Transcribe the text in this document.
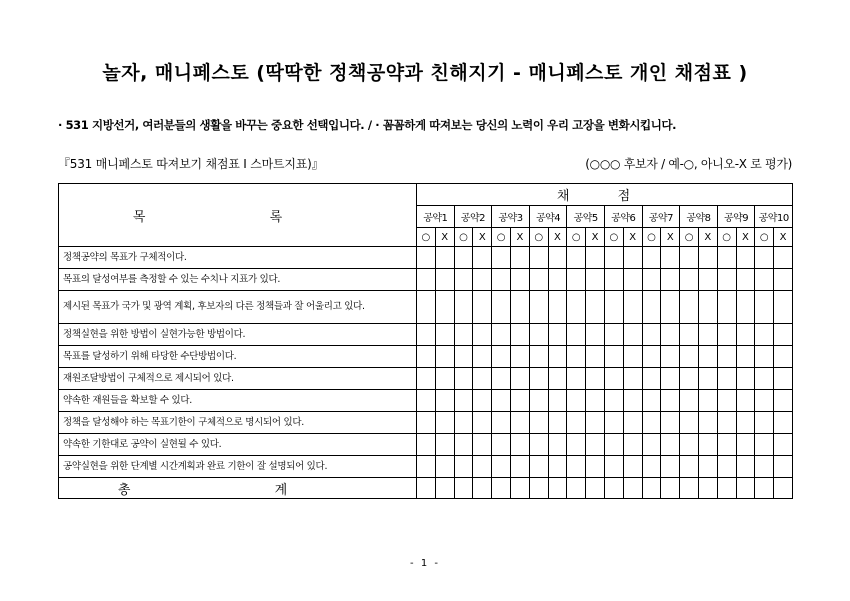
놀자, 매니페스토 (딱딱한 정책공약과 친해지기 - 매니페스토 개인 채점표 )
· 531 지방선거, 여러분들의 생활을 바꾸는 중요한 선택입니다. / · 꼼꼼하게 따져보는 당신의 노력이 우리 고장을 변화시킵니다.
『531 매니페스토 따져보기 채점표 Ⅰ 스마트지표)』	(○○○ 후보자 / 예-○, 아니오-X 로 평가)
목 록	채 점																			
	공약1		공약2		공약3		공약4		공약5		공약6		공약7		공약8		공약9		공약10	
	○	X	○	X	○	X	○	X	○	X	○	X	○	X	○	X	○	X	○	X
정책공약의 목표가 구체적이다.																				
목표의 달성여부를 측정할 수 있는 수치나 지표가 있다.																				
제시된 목표가 국가 및 광역 계획, 후보자의 다른 정책들과 잘 어울리고 있다.																				
정책실현을 위한 방법이 실현가능한 방법이다.																				
목표를 달성하기 위해 타당한 수단방법이다.																				
재원조달방법이 구체적으로 제시되어 있다.																				
약속한 재원들을 확보할 수 있다.																				
정책을 달성해야 하는 목표기한이 구체적으로 명시되어 있다.																				
약속한 기한대로 공약이 실현될 수 있다.																				
공약실현을 위한 단계별 시간계획과 완료 기한이 잘 설명되어 있다.																				
총 계																				
- 1 -
